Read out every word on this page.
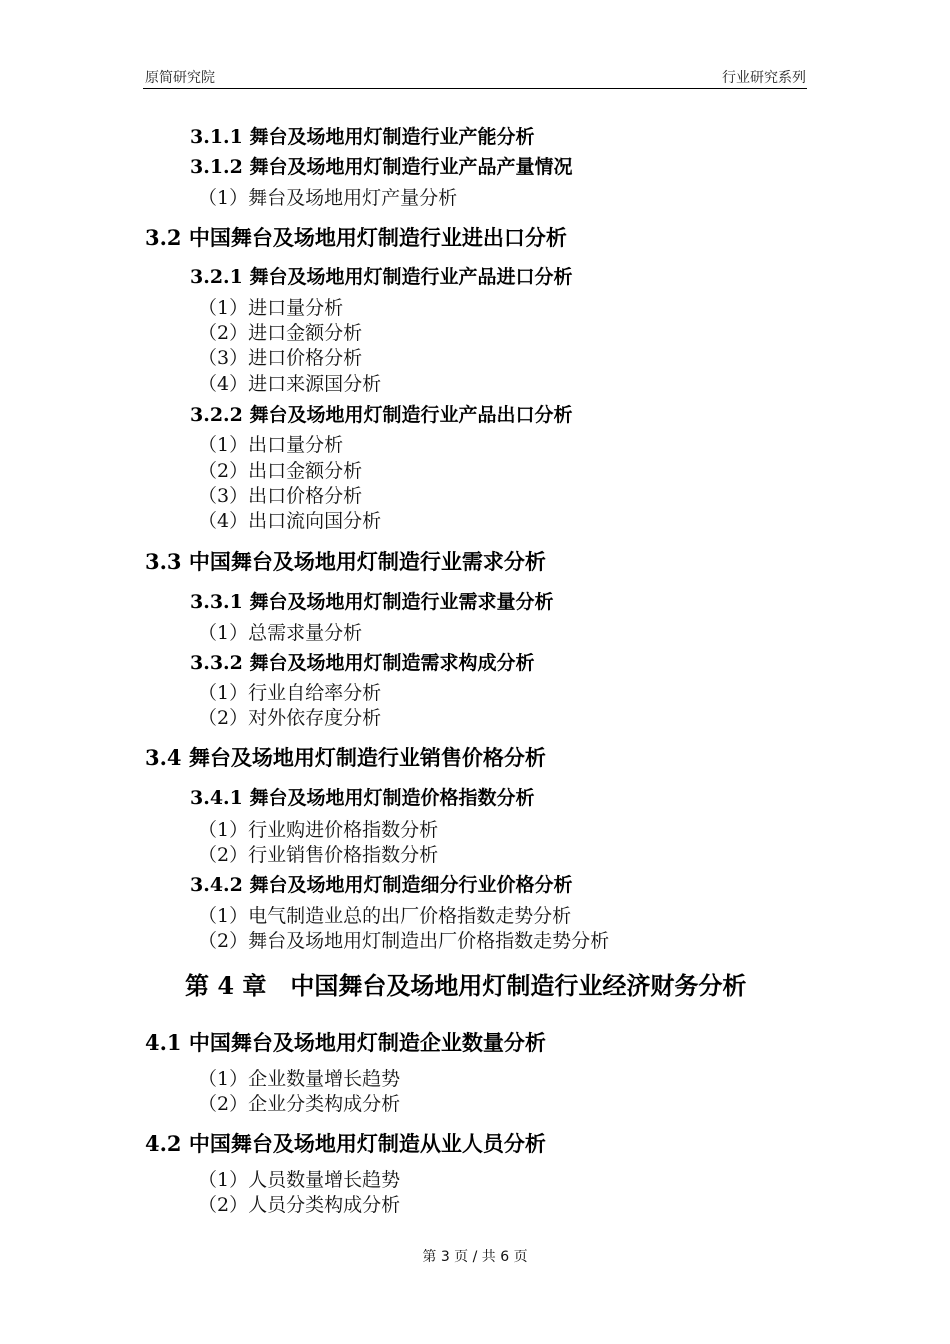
原简研究院	行业研究系列
3.1.1 舞台及场地用灯制造行业产能分析
3.1.2 舞台及场地用灯制造行业产品产量情况
（1）舞台及场地用灯产量分析
3.2 中国舞台及场地用灯制造行业进出口分析
3.2.1 舞台及场地用灯制造行业产品进口分析
（1）进口量分析
（2）进口金额分析
（3）进口价格分析
（4）进口来源国分析
3.2.2 舞台及场地用灯制造行业产品出口分析
（1）出口量分析
（2）出口金额分析
（3）出口价格分析
（4）出口流向国分析
3.3 中国舞台及场地用灯制造行业需求分析
3.3.1 舞台及场地用灯制造行业需求量分析
（1）总需求量分析
3.3.2 舞台及场地用灯制造需求构成分析
（1）行业自给率分析
（2）对外依存度分析
3.4 舞台及场地用灯制造行业销售价格分析
3.4.1 舞台及场地用灯制造价格指数分析
（1）行业购进价格指数分析
（2）行业销售价格指数分析
3.4.2 舞台及场地用灯制造细分行业价格分析
（1）电气制造业总的出厂价格指数走势分析
（2）舞台及场地用灯制造出厂价格指数走势分析
第 4 章 中国舞台及场地用灯制造行业经济财务分析
4.1 中国舞台及场地用灯制造企业数量分析
（1）企业数量增长趋势
（2）企业分类构成分析
4.2 中国舞台及场地用灯制造从业人员分析
（1）人员数量增长趋势
（2）人员分类构成分析
第 3 页 / 共 6 页
